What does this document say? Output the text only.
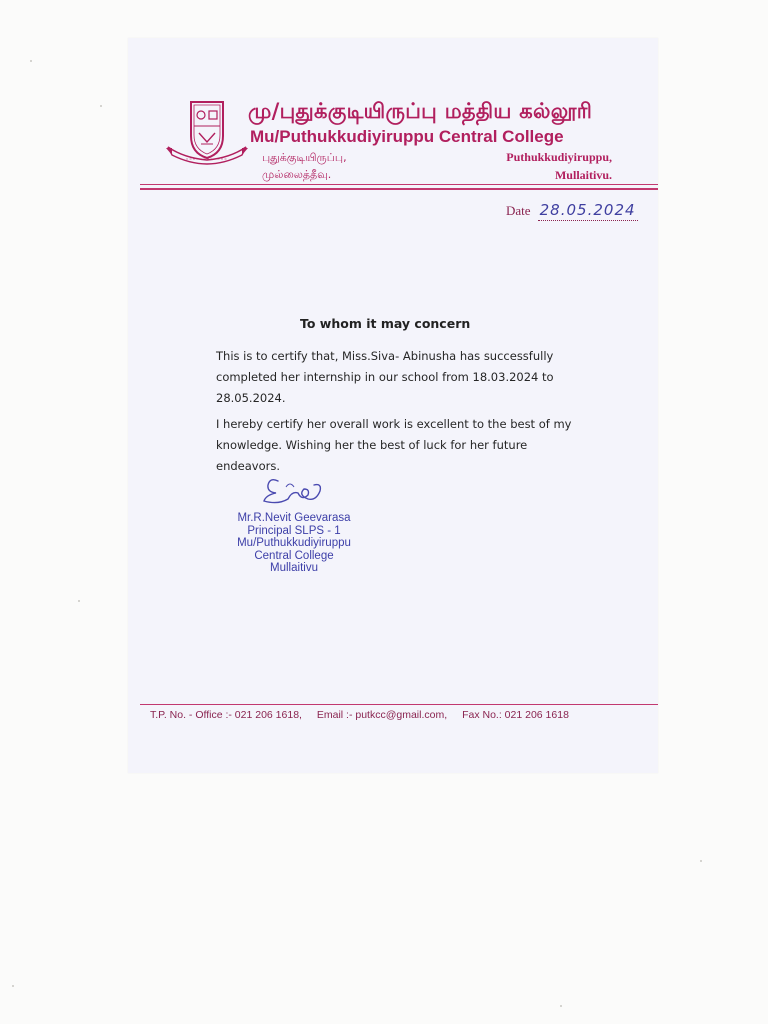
மு/புதுக்குடியிருப்பு மத்திய கல்லூரி
Mu/Puthukkudiyiruppu Central College
புதுக்குடியிருப்பு,
முல்லைத்தீவு.
Puthukkudiyiruppu,
Mullaitivu.
Date 28.05.2024
To whom it may concern
This is to certify that, Miss.Siva- Abinusha has successfully completed her internship in our school from 18.03.2024 to 28.05.2024.
I hereby certify her overall work is excellent to the best of my knowledge. Wishing her the best of luck for her future endeavors.
Mr.R.Nevit Geevarasa
Principal SLPS - 1
Mu/Puthukkudiyiruppu
Central College
Mullaitivu
T.P. No. - Office :- 021 206 1618, Email :- putkcc@gmail.com, Fax No.: 021 206 1618
